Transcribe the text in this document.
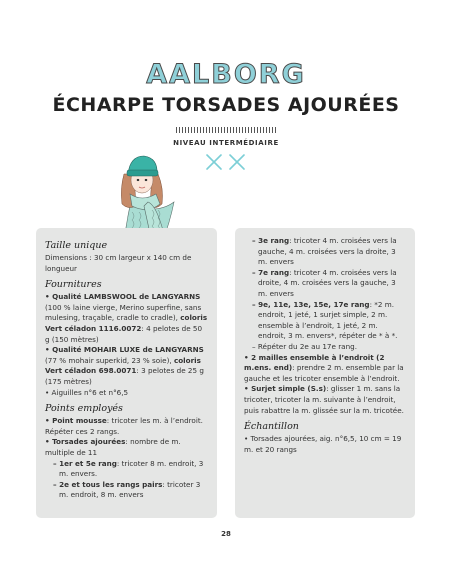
AALBORG
ÉCHARPE TORSADES AJOURÉES
NIVEAU INTERMÉDIAIRE
Taille unique
Dimensions : 30 cm largeur x 140 cm de longueur
Fournitures
• Qualité LAMBSWOOL de LANGYARNS
(100 % laine vierge, Merino superfine, sans mulesing, traçable, cradle to cradle), coloris Vert céladon 1116.0072: 4 pelotes de 50 g (150 mètres)
• Qualité MOHAIR LUXE de LANGYARNS
(77 % mohair superkid, 23 % soie), coloris Vert céladon 698.0071: 3 pelotes de 25 g (175 mètres)
• Aiguilles n°6 et n°6,5
Points employés
• Point mousse: tricoter les m. à l’endroit. Répéter ces 2 rangs.
• Torsades ajourées: nombre de m. multiple de 11
– 1er et 5e rang: tricoter 8 m. endroit, 3 m. envers.
– 2e et tous les rangs pairs: tricoter 3 m. endroit, 8 m. envers
– 3e rang: tricoter 4 m. croisées vers la gauche, 4 m. croisées vers la droite, 3 m. envers
– 7e rang: tricoter 4 m. croisées vers la droite, 4 m. croisées vers la gauche, 3 m. envers
– 9e, 11e, 13e, 15e, 17e rang: *2 m. endroit, 1 jeté, 1 surjet simple, 2 m. ensemble à l’endroit, 1 jeté, 2 m. endroit, 3 m. envers*, répéter de * à *.
– Répéter du 2e au 17e rang.
• 2 mailles ensemble à l’endroit (2 m.ens. end): prendre 2 m. ensemble par la gauche et les tricoter ensemble à l’endroit.
• Surjet simple (S.s): glisser 1 m. sans la tricoter, tricoter la m. suivante à l’endroit, puis rabattre la m. glissée sur la m. tricotée.
Échantillon
• Torsades ajourées, aig. n°6,5, 10 cm = 19 m. et 20 rangs
28
